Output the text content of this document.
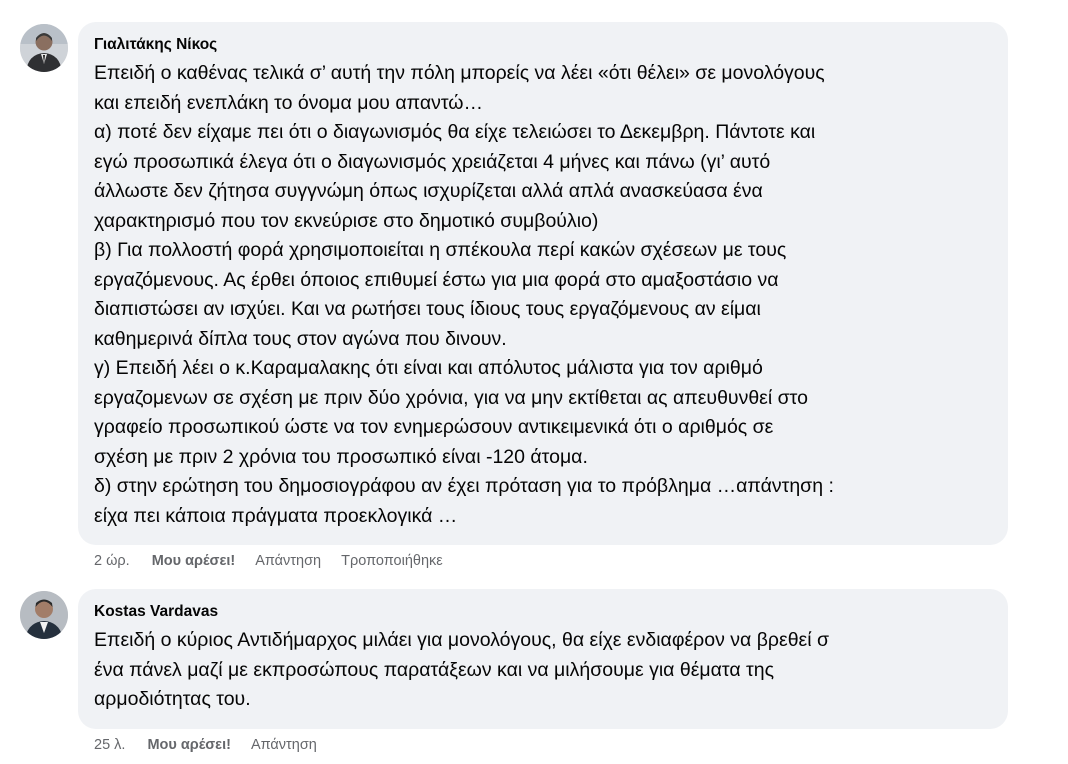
Γιαλιτάκης Νίκος
Επειδή ο καθένας τελικά σ’ αυτή την πόλη μπορείς να λέει «ότι θέλει» σε μονολόγους
και επειδή ενεπλάκη το όνομα μου απαντώ…
α) ποτέ δεν είχαμε πει ότι ο διαγωνισμός θα είχε τελειώσει το Δεκεμβρη. Πάντοτε και
εγώ προσωπικά έλεγα ότι ο διαγωνισμός χρειάζεται 4 μήνες και πάνω (γι’ αυτό
άλλωστε δεν ζήτησα συγγνώμη όπως ισχυρίζεται αλλά απλά ανασκεύασα ένα
χαρακτηρισμό που τον εκνεύρισε στο δημοτικό συμβούλιο)
β) Για πολλοστή φορά χρησιμοποιείται η σπέκουλα περί κακών σχέσεων με τους
εργαζόμενους. Ας έρθει όποιος επιθυμεί έστω για μια φορά στο αμαξοστάσιο να
διαπιστώσει αν ισχύει. Και να ρωτήσει τους ίδιους τους εργαζόμενους αν είμαι
καθημερινά δίπλα τους στον αγώνα που δινουν.
γ) Επειδή λέει ο κ.Καραμαλακης ότι είναι και απόλυτος μάλιστα για τον αριθμό
εργαζομενων σε σχέση με πριν δύο χρόνια, για να μην εκτίθεται ας απευθυνθεί στο
γραφείο προσωπικού ώστε να τον ενημερώσουν αντικειμενικά ότι ο αριθμός σε
σχέση με πριν 2 χρόνια του προσωπικό είναι -120 άτομα.
δ) στην ερώτηση του δημοσιογράφου αν έχει πρόταση για το πρόβλημα …απάντηση :
είχα πει κάποια πράγματα προεκλογικά …
2 ώρ. Μου αρέσει! Απάντηση Τροποποιήθηκε
Kostas Vardavas
Επειδή ο κύριος Αντιδήμαρχος μιλάει για μονολόγους, θα είχε ενδιαφέρον να βρεθεί σ
ένα πάνελ μαζί με εκπροσώπους παρατάξεων και να μιλήσουμε για θέματα της
αρμοδιότητας του.
25 λ. Μου αρέσει! Απάντηση
